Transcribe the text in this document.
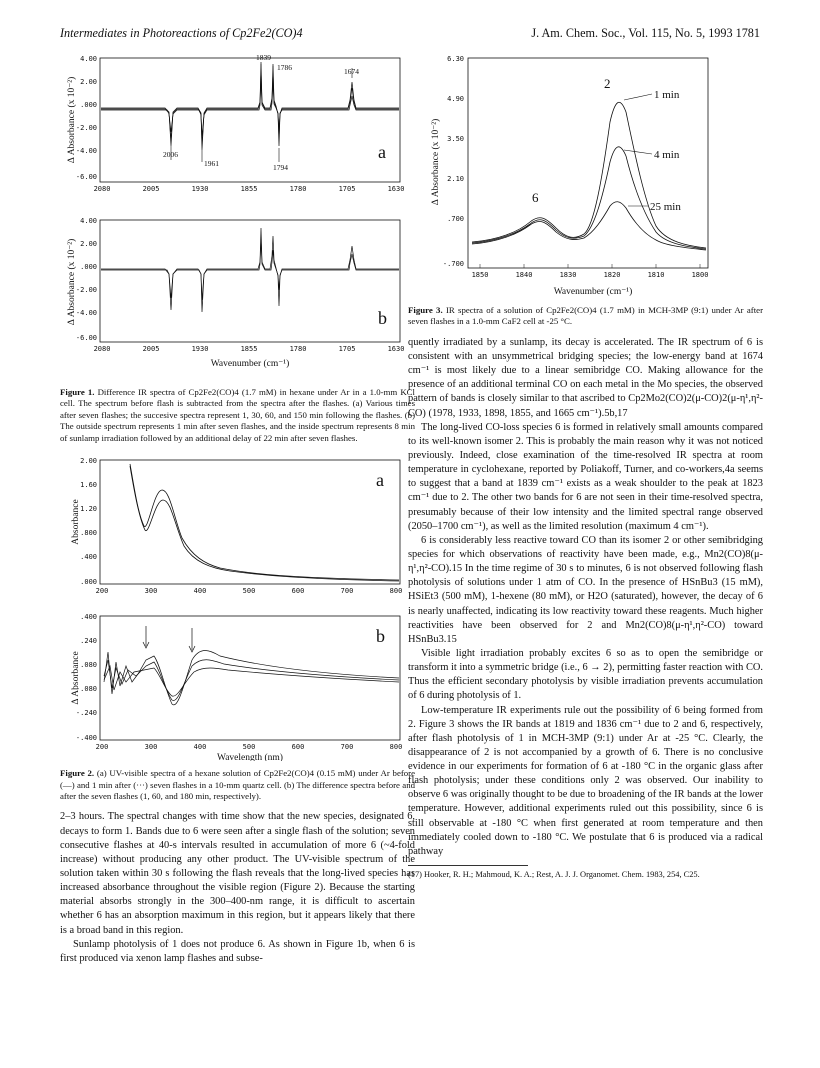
Intermediates in Photoreactions of Cp2Fe2(CO)4	J. Am. Chem. Soc., Vol. 115, No. 5, 1993 1781
Δ Absorbance (x 10⁻²)
4.00
2.00
.000
-2.00
-4.00
-6.00
2080	2005	1930	1855	1780	1705	1630
1839
1786	1674
2006
1961	1794
a
Δ Absorbance (x 10⁻²)
4.00
2.00
.000
-2.00
-4.00
-6.00
2080	2005	1930	1855	1780	1705	1630
b
Wavenumber (cm⁻¹)

Figure 1. Difference IR spectra of Cp2Fe2(CO)4 (1.7 mM) in hexane under Ar in a 1.0-mm KCl cell. The spectrum before flash is subtracted from the spectra after the flashes. (a) Various times after seven flashes; the succesive spectra represent 1, 30, 60, and 150 min following the flashes. (b) The outside spectrum represents 1 min after seven flashes, and the inside spectrum represents 8 min of sunlamp irradiation followed by an additional delay of 22 min after seven flashes.

Absorbance
2.00
1.60
1.20
.800
.400
.000
200	300	400	500	600	700	800
a
Δ Absorbance
.400
.240
.080
-.080
-.240
-.400
200	300	400	500	600	700	800
b
Wavelength (nm)

Figure 2. (a) UV-visible spectra of a hexane solution of Cp2Fe2(CO)4 (0.15 mM) under Ar before (—) and 1 min after (···) seven flashes in a 10-mm quartz cell. (b) The difference spectra before and after the seven flashes (1, 60, and 180 min, respectively).

2–3 hours. The spectral changes with time show that the new species, designated 6, decays to form 1. Bands due to 6 were seen after a single flash of the solution; seven consecutive flashes at 40-s intervals resulted in accumulation of more 6 (~4-fold increase) without producing any other product. The UV-visible spectrum of the solution taken within 30 s following the flash reveals that the long-lived species has increased absorbance throughout the visible region (Figure 2). Because the starting material absorbs strongly in the 300–400-nm range, it is difficult to ascertain whether 6 has an absorption maximum in this region, but it appears likely that there is a broad band in this region.

Sunlamp photolysis of 1 does not produce 6. As shown in Figure 1b, when 6 is first produced via xenon lamp flashes and subse-

Δ Absorbance (x 10⁻²)
6.30
4.90
3.50
2.10
.700
-.700
1850	1840	1830	1820	1810	1800
2
6
1 min
4 min
25 min
Wavenumber (cm⁻¹)

Figure 3. IR spectra of a solution of Cp2Fe2(CO)4 (1.7 mM) in MCH-3MP (9:1) under Ar after seven flashes in a 1.0-mm CaF2 cell at -25 °C.

quently irradiated by a sunlamp, its decay is accelerated. The IR spectrum of 6 is consistent with an unsymmetrical bridging species; the low-energy band at 1674 cm⁻¹ is most likely due to a linear semibridge CO. Making allowance for the presence of an additional terminal CO on each metal in the Mo species, the observed pattern of bands is closely similar to that ascribed to Cp2Mo2(CO)2(μ-CO)2(μ-η¹,η²-CO) (1978, 1933, 1898, 1855, and 1665 cm⁻¹).5b,17

The long-lived CO-loss species 6 is formed in relatively small amounts compared to its well-known isomer 2. This is probably the main reason why it was not noticed previously. Indeed, close examination of the time-resolved IR spectra at room temperature in cyclohexane, reported by Poliakoff, Turner, and co-workers,4a seems to suggest that a band at 1839 cm⁻¹ exists as a weak shoulder to the peak at 1823 cm⁻¹ due to 2. The other two bands for 6 are not seen in their time-resolved spectra, presumably because of their low intensity and the limited spectral range observed (2050–1700 cm⁻¹), as well as the limited resolution (maximum 4 cm⁻¹).

6 is considerably less reactive toward CO than its isomer 2 or other semibridging species for which observations of reactivity have been made, e.g., Mn2(CO)8(μ-η¹,η²-CO).15 In the time regime of 30 s to minutes, 6 is not observed following flash photolysis of solutions under 1 atm of CO. In the presence of HSnBu3 (15 mM), HSiEt3 (500 mM), 1-hexene (80 mM), or H2O (saturated), however, the decay of 6 is nearly unaffected, indicating its low reactivity toward these reagents. Much higher reactivities have been observed for 2 and Mn2(CO)8(μ-η¹,η²-CO) toward HSnBu3.15

Visible light irradiation probably excites 6 so as to open the semibridge or transform it into a symmetric bridge (i.e., 6 → 2), permitting faster reaction with CO. Thus the efficient secondary photolysis by visible irradiation prevents accumulation of 6 during photolysis of 1.

Low-temperature IR experiments rule out the possibility of 6 being formed from 2. Figure 3 shows the IR bands at 1819 and 1836 cm⁻¹ due to 2 and 6, respectively, after flash photolysis of 1 in MCH-3MP (9:1) under Ar at -25 °C. Clearly, the disappearance of 2 is not accompanied by a growth of 6. There is no conclusive evidence in our experiments for formation of 6 at -180 °C in the organic glass after flash photolysis; under these conditions only 2 was observed. Our inability to observe 6 was originally thought to be due to broadening of the IR bands at the lower temperature. However, additional experiments ruled out this possibility, since 6 is still observable at -180 °C when first generated at room temperature and then immediately cooled down to -180 °C. We postulate that 6 is produced via a radical pathway

(17) Hooker, R. H.; Mahmoud, K. A.; Rest, A. J. J. Organomet. Chem. 1983, 254, C25.
